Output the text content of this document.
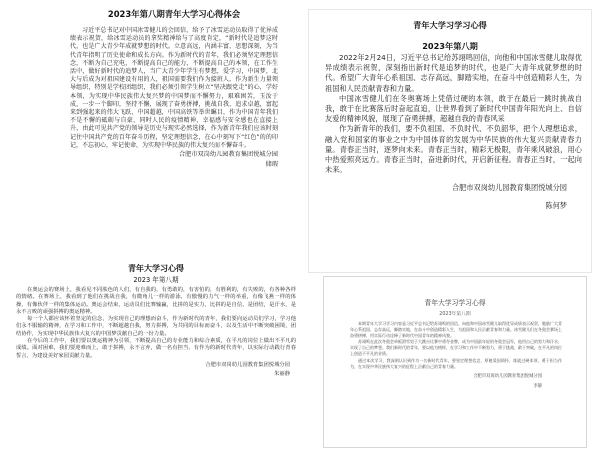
2023年第八期青年大学习心得体会

习近平总书记对中国冰雪健儿的会回信，给予了冰雪运动员取得了优异成绩表示祝贺，给冰雪运动员的拿奖精神给与了高度肯定，“新时代是追梦这时代，也是广大青少年成就梦想的时代。立意高远，内涵丰富，思想深刻，为当代青年指明了历史使命和成长方向。作为新时代的青年，我们必须坚定理想信念，不断为自己充电，不断提高自己的能力，不断提高自己的本领，在工作生活中，做好新时代的追梦人，当广大青少年学生有梦想，爱学习，中国梦，北大与后成为对祖国建设有用的人，祖国需要我们作为接班人，作为新生力量领导组织，特别是学校团组织，我们必须引领学生树立“坚决跟党走”的心，学好本领，为实现中华民族伟大复兴梦的中国梦而不懈努力，艰难困苦，玉汝于成，一步一个脚印，坚持不懈，展现了奋勇拼搏，挑战自我，追求卓越，富起来到强起来的伟大飞跃，中国超越，中国高铁等举世瞩目，作为中国青年我们不是不懈的砥砺与自豪，同时人民的疫情精神，幸福感与安全感也在直接上升，由此可见共产党的领导是历史与现实必然选择，作为新青年我们应该时刻记住中国共产党的百年奋斗历程，坚定理想信念，在心中刻写下“红色”的的印记，不忘初心，牢记使命，为实现中华民族的伟大复兴而不懈奋斗。

合肥市双岗幼儿园教育集团悦城分园

储瑕

青年大学习学习心得

2023年第八期

2022年2月24日，习近平总书记给苏翊鸣回信，向他和中国冰雪健儿取得优异成绩表示祝贺，深刻指出新时代是追梦的时代，也是广大青年成就梦想的时代。希望广大青年心系祖国、志存高远，脚踏实地，在奋斗中创造精彩人生，为祖国和人民贡献青春和力量。

中国冰雪健儿们在冬奥赛场上凭借过硬的本领，敢于在最后一跳时挑战自我，敢于在比赛落后时奋起直追，让世界看到了新时代中国青年阳光向上、自信友爱的精神风貌，展现了奋勇拼搏，超越自我的青春风采

作为新青年的我们，要不负祖国、不负时代、不负韶华，把个人理想追求，融入党和国家的事业之中为中国体育的发展为中华民族的伟大复兴贡献青春力量。青春正当时，逐梦向未来。青春正当时，精彩无极限，青年乘风破浪，用心中热爱照亮远方。青春正当时，奋进新时代，开启新征程。青春正当时，一起向未来。

合肥市双岗幼儿园教育集团悦城分园

陈何梦

青年大学习心得

2023 年第八期

在奥运会的赛场上，我看见不同肤色的人们，有自我的，有勇敢的，有害怕的，有胜利的，有失败的，有各种各样的情绪。在赛场上，我看到了他们在挑战自我，有微角儿一样的游泳，有傲慢的力气一样的举重，有像飞燕一样的体操，有像伙伴一样的集体运动。奥运会结束，运动员们比赛输赢，比拼的是实力，比拼的是自信，是团结，是汗水，是永不言败的顽强拼搏的奥运精神。

每一个人都应该怀着坚定的信念，为实现自己的理想而奋斗，作为新时代的青年，我们要向运动员们学习，学习他们永不服输的精神，在学习和工作中，不断超越自我，努力拼搏，为共同的目标而奋斗，以及生活中不断突破困境，团结协作，为实现中华民族伟大复兴的中国梦贡献自己的一份力量。

在今后的工作中，我们要以奥运精神为引领，不断提高自己的专业能力和综合素质，在平凡的岗位上做出不平凡的成绩。面对困难，我们要迎难而上，敢于拼搏，永不言弃，做一名有担当、有作为的新时代青年，以实际行动践行青春誓言，为建设美好家园贡献力量。

合肥市双岗幼儿园教育集团悦城分园

朱丽静

青年大学习学习心得

2023年第八期

本期青年大学习学习内容是习近平总书记给苏翊鸣的回信，向他和中国冰雪健儿取得优异成绩表示祝贺，勉励广大青年心系祖国、志存高远，脚踏实地，在奋斗中创造精彩人生，为祖国和人民贡献青春和力量。冰雪健儿们在冬奥会赛场上奋勇拼搏，用实际行动诠释了新时代中国青年的精神风貌。

苏翊鸣在此次冬奥会单板滑雪男子大跳台比赛中勇夺金牌，成为中国最年轻的冬奥会冠军，他用自己的努力和汗水，实现了自己的梦想。我们新时代的青年，要以他为榜样，在学习和工作中不断努力，勇于挑战，敢于突破，在平凡的岗位上创造不平凡的业绩。

通过本次学习，我深刻认识到作为一名新时代青年，要坚定理想信念，厚植爱国情怀，练就过硬本领，勇于担当作为，在实现中华民族伟大复兴的征程上贡献自己的青春力量。

合肥市双岗幼儿园教育集团悦城分园

李静
